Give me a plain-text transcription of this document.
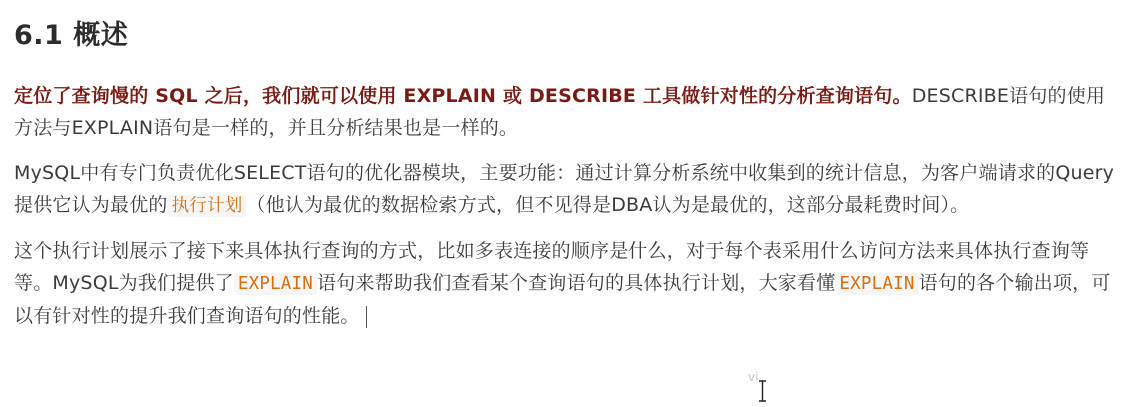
6.1 概述
定位了查询慢的 SQL 之后，我们就可以使用 EXPLAIN 或 DESCRIBE 工具做针对性的分析查询语句。DESCRIBE语句的使用方法与EXPLAIN语句是一样的，并且分析结果也是一样的。
MySQL中有专门负责优化SELECT语句的优化器模块，主要功能：通过计算分析系统中收集到的统计信息，为客户端请求的Query提供它认为最优的 执行计划 （他认为最优的数据检索方式，但不见得是DBA认为是最优的，这部分最耗费时间）。
这个执行计划展示了接下来具体执行查询的方式，比如多表连接的顺序是什么，对于每个表采用什么访问方法来具体执行查询等等。MySQL为我们提供了 EXPLAIN 语句来帮助我们查看某个查询语句的具体执行计划，大家看懂 EXPLAIN 语句的各个输出项，可以有针对性的提升我们查询语句的性能。
vi
